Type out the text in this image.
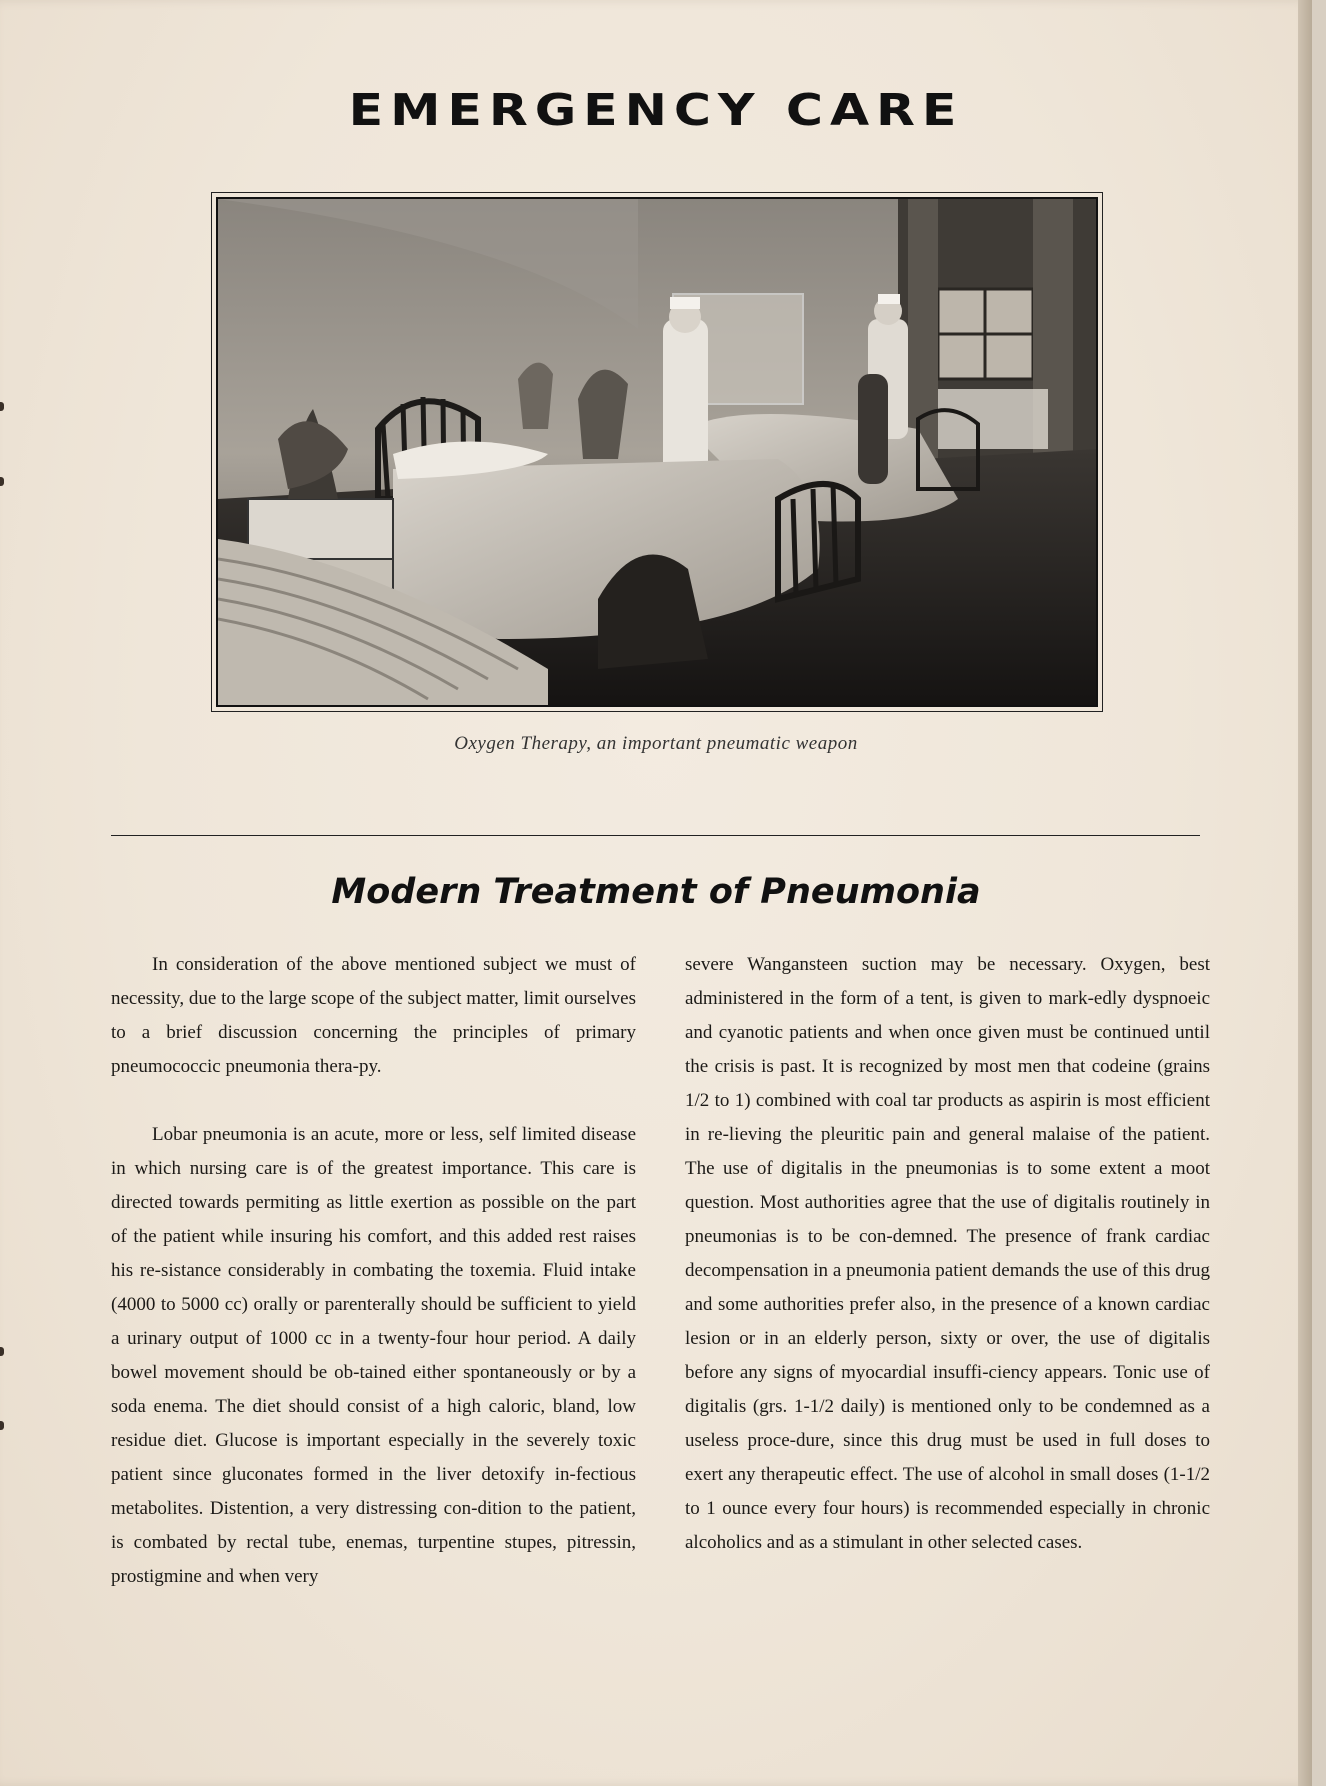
EMERGENCY CARE
Oxygen Therapy, an important pneumatic weapon
Modern Treatment of Pneumonia

In consideration of the above mentioned subject we must of necessity, due to the large scope of the subject matter, limit ourselves to a brief discussion concerning the principles of primary pneumococcic pneumonia thera-py.

Lobar pneumonia is an acute, more or less, self limited disease in which nursing care is of the greatest importance. This care is directed towards permiting as little exertion as possible on the part of the patient while insuring his comfort, and this added rest raises his re-sistance considerably in combating the toxemia. Fluid intake (4000 to 5000 cc) orally or parenterally should be sufficient to yield a urinary output of 1000 cc in a twenty-four hour period. A daily bowel movement should be ob-tained either spontaneously or by a soda enema. The diet should consist of a high caloric, bland, low residue diet. Glucose is important especially in the severely toxic patient since gluconates formed in the liver detoxify in-fectious metabolites. Distention, a very distressing con-dition to the patient, is combated by rectal tube, enemas, turpentine stupes, pitressin, prostigmine and when very

severe Wangansteen suction may be necessary. Oxygen, best administered in the form of a tent, is given to mark-edly dyspnoeic and cyanotic patients and when once given must be continued until the crisis is past. It is recognized by most men that codeine (grains 1/2 to 1) combined with coal tar products as aspirin is most efficient in re-lieving the pleuritic pain and general malaise of the patient. The use of digitalis in the pneumonias is to some extent a moot question. Most authorities agree that the use of digitalis routinely in pneumonias is to be con-demned. The presence of frank cardiac decompensation in a pneumonia patient demands the use of this drug and some authorities prefer also, in the presence of a known cardiac lesion or in an elderly person, sixty or over, the use of digitalis before any signs of myocardial insuffi-ciency appears. Tonic use of digitalis (grs. 1-1/2 daily) is mentioned only to be condemned as a useless proce-dure, since this drug must be used in full doses to exert any therapeutic effect. The use of alcohol in small doses (1-1/2 to 1 ounce every four hours) is recommended especially in chronic alcoholics and as a stimulant in other selected cases.
